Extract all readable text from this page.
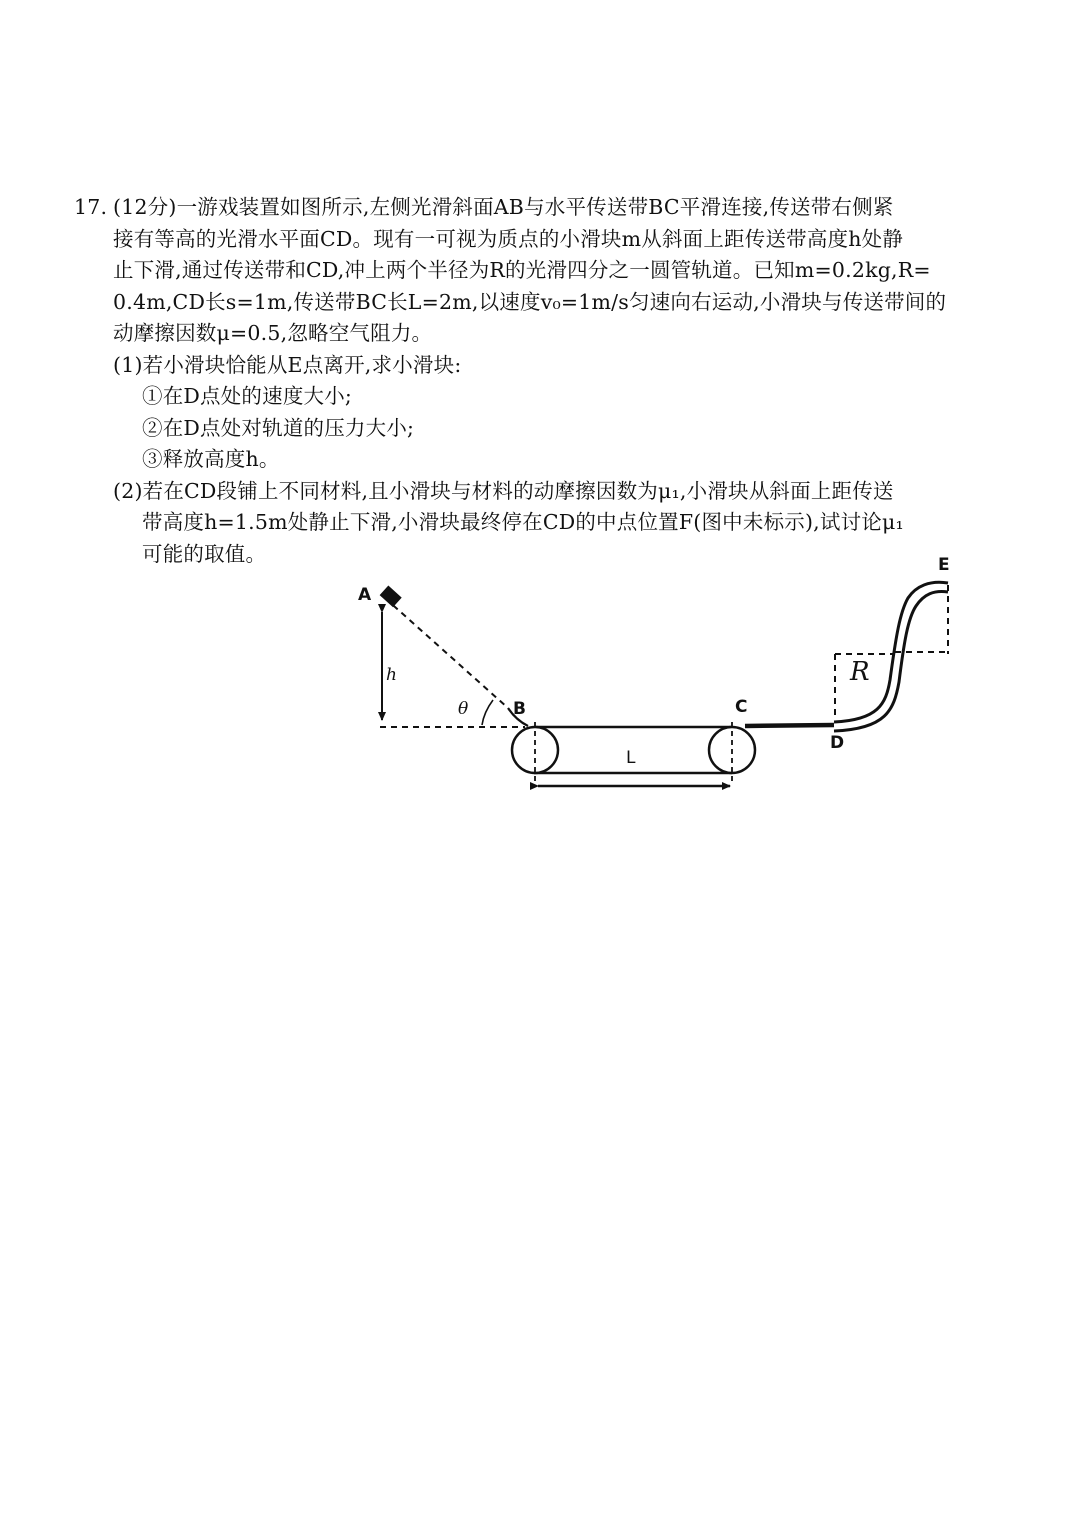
17. (12分)一游戏装置如图所示,左侧光滑斜面AB与水平传送带BC平滑连接,传送带右侧紧
接有等高的光滑水平面CD。现有一可视为质点的小滑块m从斜面上距传送带高度h处静
止下滑,通过传送带和CD,冲上两个半径为R的光滑四分之一圆管轨道。已知m=0.2kg,R=
0.4m,CD长s=1m,传送带BC长L=2m,以速度v₀=1m/s匀速向右运动,小滑块与传送带间的
动摩擦因数μ=0.5,忽略空气阻力。
(1)若小滑块恰能从E点离开,求小滑块:
①在D点处的速度大小;
②在D点处对轨道的压力大小;
③释放高度h。
(2)若在CD段铺上不同材料,且小滑块与材料的动摩擦因数为μ₁,小滑块从斜面上距传送
带高度h=1.5m处静止下滑,小滑块最终停在CD的中点位置F(图中未标示),试讨论μ₁
可能的取值。
A
B	C
D
E
h
θ
L
R
